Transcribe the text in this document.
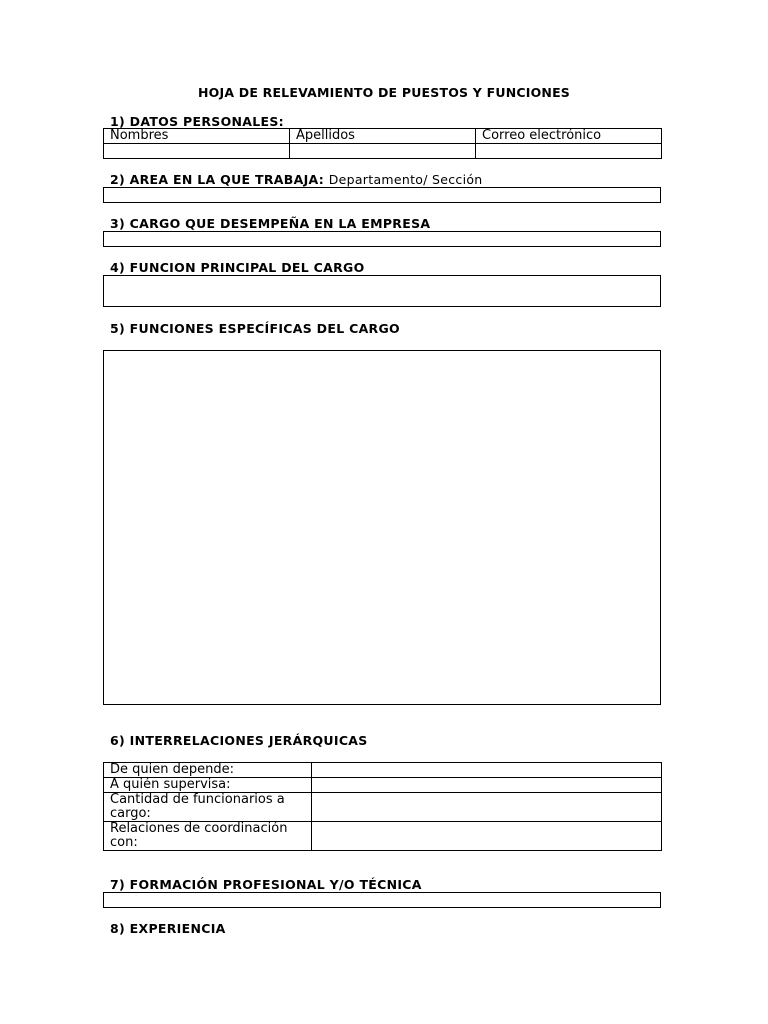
HOJA DE RELEVAMIENTO DE PUESTOS Y FUNCIONES
1) DATOS PERSONALES:
Nombres	Apellidos	Correo electrónico

2) AREA EN LA QUE TRABAJA: Departamento/ Sección
3) CARGO QUE DESEMPEÑA EN LA EMPRESA
4) FUNCION PRINCIPAL DEL CARGO
5) FUNCIONES ESPECÍFICAS DEL CARGO
6) INTERRELACIONES JERÁRQUICAS
De quien depende:	
A quién supervisa:	
Cantidad de funcionarios a cargo:	
Relaciones de coordinación con:	
7) FORMACIÓN PROFESIONAL Y/O TÉCNICA
8) EXPERIENCIA
